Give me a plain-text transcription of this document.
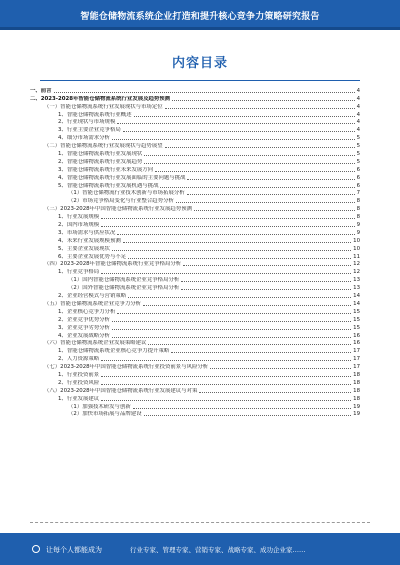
智能仓储物流系统企业打造和提升核心竞争力策略研究报告
内容目录
一、前言	4
二、2023-2028年智能仓储物流系统行业发展及趋势预测	4
（一）智能仓储物流系统行业发展现状与市场定位	4
1、智能仓储物流系统行业概述	4
2、行业现状与市场规模	4
3、行业主要企业竞争格局	4
4、细分市场需求分析	5
（二）智能仓储物流系统行业发展现状与趋势展望	5
1、智能仓储物流系统行业发展现状	5
2、智能仓储物流系统行业发展趋势	5
3、智能仓储物流系统行业未来发展方向	6
4、智能仓储物流系统行业发展面临的主要问题与挑战	6
5、智能仓储物流系统行业发展机遇与挑战	6
（1）智能仓储物流行业技术创新与市场拓展分析	7
（2）市场竞争格局变化与行业整合趋势分析	8
（三）2023-2028年中国智能仓储物流系统行业发展趋势预测	8
1、行业发展规模	8
2、国内市场规模	9
3、市场需求与供应状况	9
4、未来行业发展规模预测	10
5、主要企业发展现状	10
6、主要企业发展优势与不足	11
（四）2023-2028年智能仓储物流系统行业竞争格局分析	12
1、行业竞争格局	12
（1）国内智能仓储物流系统企业竞争格局分析	13
（2）国外智能仓储物流系统企业竞争格局分析	13
2、企业经营模式与营销策略	14
（五）智能仓储物流系统企业竞争力分析	14
1、企业核心竞争力分析	15
2、企业竞争优势分析	15
3、企业竞争劣势分析	15
4、企业发展战略分析	16
（六）智能仓储物流系统企业发展策略建议	16
1、智能仓储物流系统企业核心竞争力提升策略	17
2、人力资源策略	17
（七）2023-2028年中国智能仓储物流系统行业投资前景与风险分析	17
1、行业投资前景	18
2、行业投资风险	18
（八）2023-2028年中国智能仓储物流系统行业发展建议与对策	18
1、行业发展建议	18
（1）加强技术研发与创新	19
（2）加快市场拓展与品牌建设	19
让每个人都能成为	行业专家、管理专家、营销专家、战略专家、成功企业家……
